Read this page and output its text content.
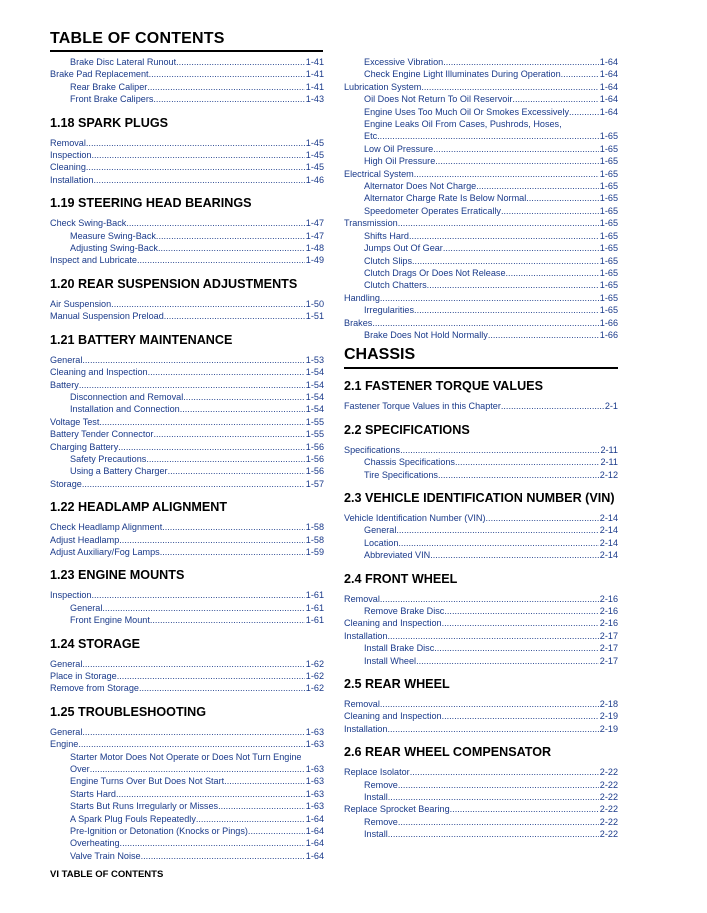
TABLE OF CONTENTS
Brake Disc Lateral Runout .....	1-41
Brake Pad Replacement .....	1-41
Rear Brake Caliper .....	1-41
Front Brake Calipers .....	1-43
1.18 SPARK PLUGS
Removal .....	1-45
Inspection .....	1-45
Cleaning .....	1-45
Installation .....	1-46
1.19 STEERING HEAD BEARINGS
Check Swing-Back .....	1-47
Measure Swing-Back .....	1-47
Adjusting Swing-Back .....	1-48
Inspect and Lubricate .....	1-49
1.20 REAR SUSPENSION ADJUSTMENTS
Air Suspension .....	1-50
Manual Suspension Preload .....	1-51
1.21 BATTERY MAINTENANCE
General .....	1-53
Cleaning and Inspection .....	1-54
Battery .....	1-54
Disconnection and Removal .....	1-54
Installation and Connection .....	1-54
Voltage Test .....	1-55
Battery Tender Connector .....	1-55
Charging Battery .....	1-56
Safety Precautions .....	1-56
Using a Battery Charger .....	1-56
Storage .....	1-57
1.22 HEADLAMP ALIGNMENT
Check Headlamp Alignment .....	1-58
Adjust Headlamp .....	1-58
Adjust Auxiliary/Fog Lamps .....	1-59
1.23 ENGINE MOUNTS
Inspection .....	1-61
General .....	1-61
Front Engine Mount .....	1-61
1.24 STORAGE
General .....	1-62
Place in Storage .....	1-62
Remove from Storage .....	1-62
1.25 TROUBLESHOOTING
General .....	1-63
Engine .....	1-63
Starter Motor Does Not Operate or Does Not Turn Engine
Over .....	1-63
Engine Turns Over But Does Not Start .....	1-63
Starts Hard .....	1-63
Starts But Runs Irregularly or Misses .....	1-63
A Spark Plug Fouls Repeatedly .....	1-64
Pre-Ignition or Detonation (Knocks or Pings) .....	1-64
Overheating .....	1-64
Valve Train Noise .....	1-64
Excessive Vibration .....	1-64
Check Engine Light Illuminates During Operation .....	1-64
Lubrication System .....	1-64
Oil Does Not Return To Oil Reservoir .....	1-64
Engine Uses Too Much Oil Or Smokes Excessively .....	1-64
Engine Leaks Oil From Cases, Pushrods, Hoses,
Etc .....	1-65
Low Oil Pressure .....	1-65
High Oil Pressure .....	1-65
Electrical System .....	1-65
Alternator Does Not Charge .....	1-65
Alternator Charge Rate Is Below Normal .....	1-65
Speedometer Operates Erratically .....	1-65
Transmission .....	1-65
Shifts Hard .....	1-65
Jumps Out Of Gear .....	1-65
Clutch Slips .....	1-65
Clutch Drags Or Does Not Release .....	1-65
Clutch Chatters .....	1-65
Handling .....	1-65
Irregularities .....	1-65
Brakes .....	1-66
Brake Does Not Hold Normally .....	1-66
CHASSIS
2.1 FASTENER TORQUE VALUES
Fastener Torque Values in this Chapter .....	2-1
2.2 SPECIFICATIONS
Specifications .....	2-11
Chassis Specifications .....	2-11
Tire Specifications .....	2-12
2.3 VEHICLE IDENTIFICATION NUMBER (VIN)
Vehicle Identification Number (VIN) .....	2-14
General .....	2-14
Location .....	2-14
Abbreviated VIN .....	2-14
2.4 FRONT WHEEL
Removal .....	2-16
Remove Brake Disc .....	2-16
Cleaning and Inspection .....	2-16
Installation .....	2-17
Install Brake Disc .....	2-17
Install Wheel .....	2-17
2.5 REAR WHEEL
Removal .....	2-18
Cleaning and Inspection .....	2-19
Installation .....	2-19
2.6 REAR WHEEL COMPENSATOR
Replace Isolator .....	2-22
Remove .....	2-22
Install .....	2-22
Replace Sprocket Bearing .....	2-22
Remove .....	2-22
Install .....	2-22
VI TABLE OF CONTENTS
